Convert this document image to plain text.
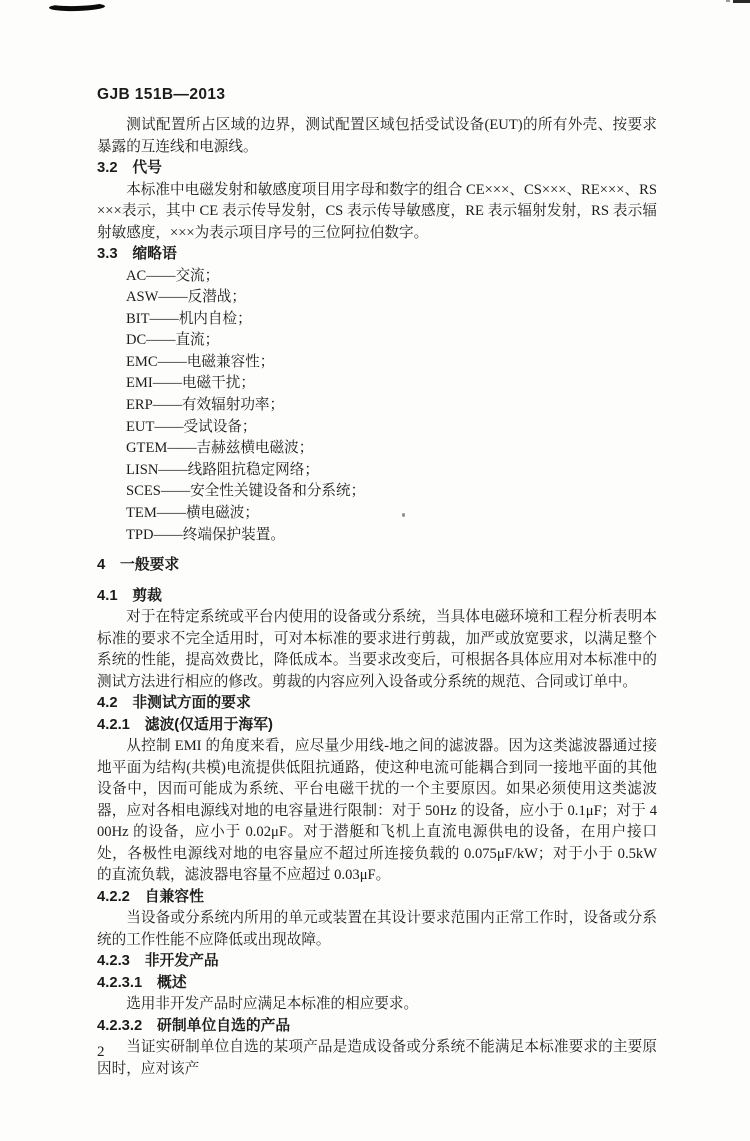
GJB 151B—2013

测试配置所占区域的边界，测试配置区域包括受试设备(EUT)的所有外壳、按要求暴露的互连线和电源线。

3.2　代号

本标准中电磁发射和敏感度项目用字母和数字的组合 CE×××、CS×××、RE×××、RS×××表示，其中 CE 表示传导发射，CS 表示传导敏感度，RE 表示辐射发射，RS 表示辐射敏感度，×××为表示项目序号的三位阿拉伯数字。

3.3　缩略语
AC——交流；
ASW——反潜战；
BIT——机内自检；
DC——直流；
EMC——电磁兼容性；
EMI——电磁干扰；
ERP——有效辐射功率；
EUT——受试设备；
GTEM——吉赫兹横电磁波；
LISN——线路阻抗稳定网络；
SCES——安全性关键设备和分系统；
TEM——横电磁波；
TPD——终端保护装置。
4　一般要求
4.1　剪裁

对于在特定系统或平台内使用的设备或分系统，当具体电磁环境和工程分析表明本标准的要求不完全适用时，可对本标准的要求进行剪裁，加严或放宽要求，以满足整个系统的性能，提高效费比，降低成本。当要求改变后，可根据各具体应用对本标准中的测试方法进行相应的修改。剪裁的内容应列入设备或分系统的规范、合同或订单中。

4.2　非测试方面的要求
4.2.1　滤波(仅适用于海军)

从控制 EMI 的角度来看，应尽量少用线-地之间的滤波器。因为这类滤波器通过接地平面为结构(共模)电流提供低阻抗通路，使这种电流可能耦合到同一接地平面的其他设备中，因而可能成为系统、平台电磁干扰的一个主要原因。如果必须使用这类滤波器，应对各相电源线对地的电容量进行限制：对于 50Hz 的设备，应小于 0.1μF；对于 400Hz 的设备，应小于 0.02μF。对于潜艇和飞机上直流电源供电的设备，在用户接口处，各极性电源线对地的电容量应不超过所连接负载的 0.075μF/kW；对于小于 0.5kW 的直流负载，滤波器电容量不应超过 0.03μF。

4.2.2　自兼容性

当设备或分系统内所用的单元或装置在其设计要求范围内正常工作时，设备或分系统的工作性能不应降低或出现故障。

4.2.3　非开发产品
4.2.3.1　概述

选用非开发产品时应满足本标准的相应要求。

4.2.3.2　研制单位自选的产品

当证实研制单位自选的某项产品是造成设备或分系统不能满足本标准要求的主要原因时，应对该产

2
